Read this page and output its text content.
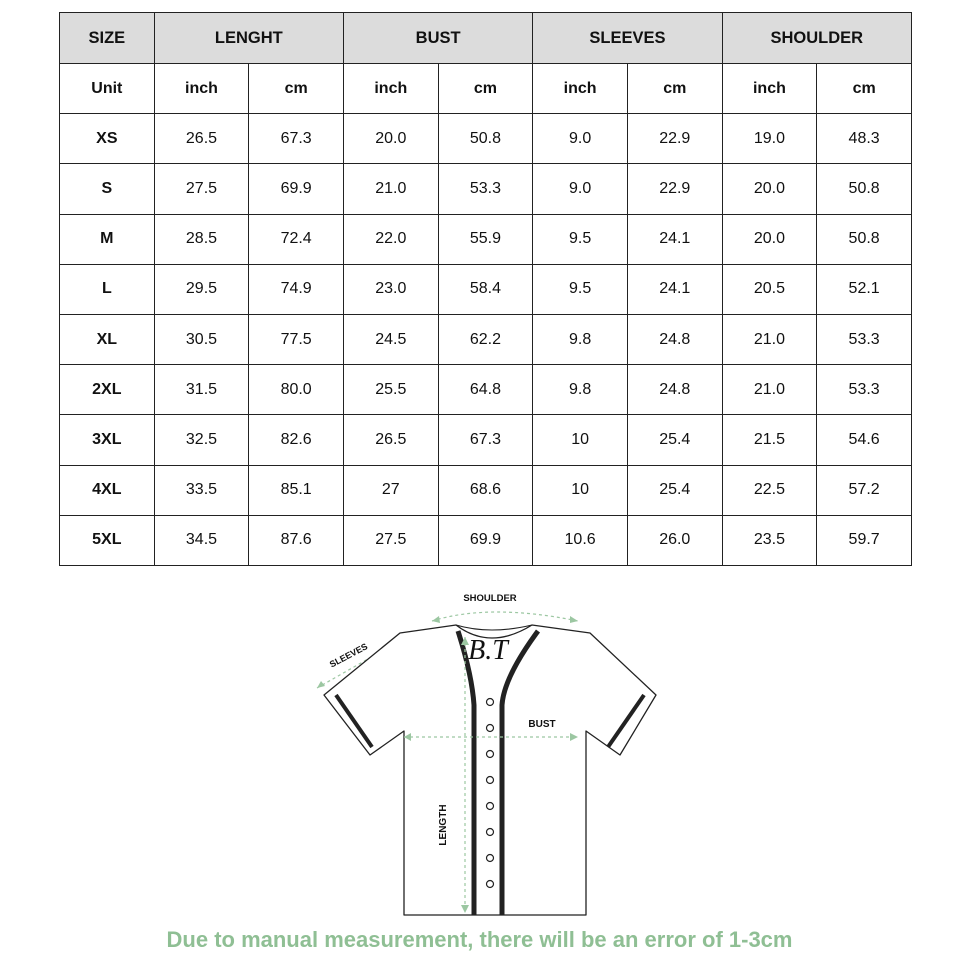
SIZE	LENGHT		BUST		SLEEVES		SHOULDER	
Unit	inch	cm	inch	cm	inch	cm	inch	cm
XS	26.5	67.3	20.0	50.8	9.0	22.9	19.0	48.3
S	27.5	69.9	21.0	53.3	9.0	22.9	20.0	50.8
M	28.5	72.4	22.0	55.9	9.5	24.1	20.0	50.8
L	29.5	74.9	23.0	58.4	9.5	24.1	20.5	52.1
XL	30.5	77.5	24.5	62.2	9.8	24.8	21.0	53.3
2XL	31.5	80.0	25.5	64.8	9.8	24.8	21.0	53.3
3XL	32.5	82.6	26.5	67.3	10	25.4	21.5	54.6
4XL	33.5	85.1	27	68.6	10	25.4	22.5	57.2
5XL	34.5	87.6	27.5	69.9	10.6	26.0	23.5	59.7
SHOULDER
SLEEVES
BUST
LENGTH
B.T
Due to manual measurement, there will be an error of 1-3cm
